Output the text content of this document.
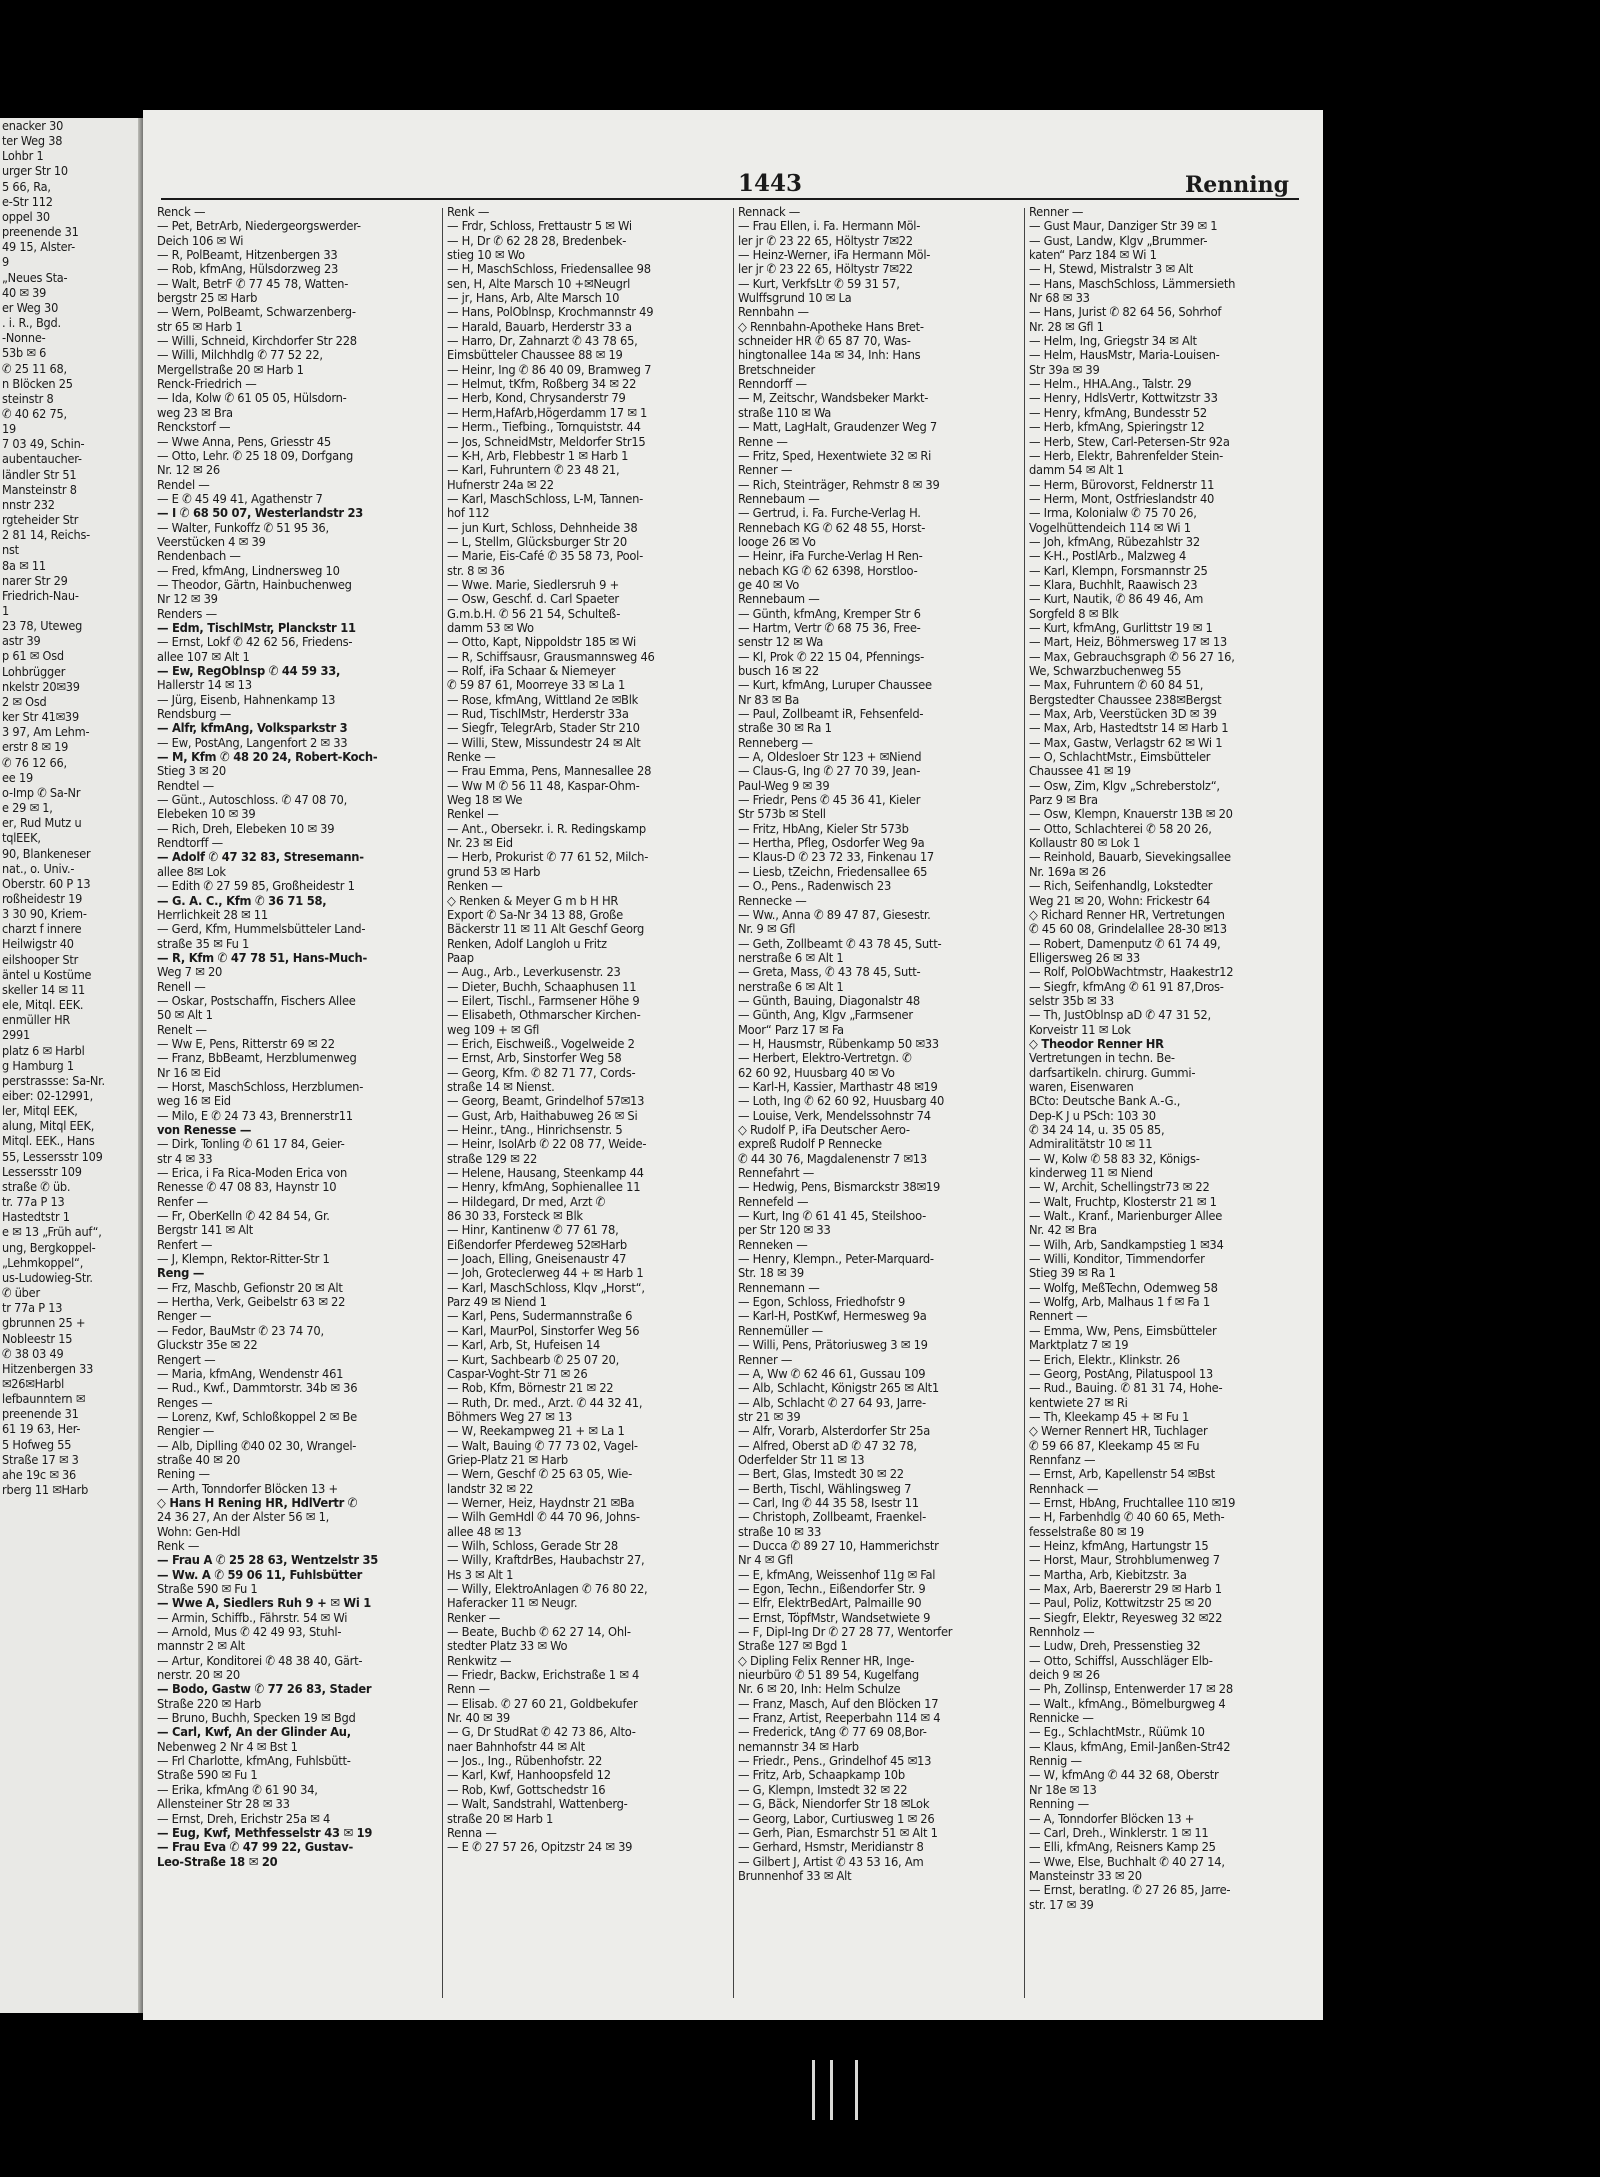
enacker 30
ter Weg 38
Lohbr 1
urger Str 10
5 66, Ra,
e-Str 112
oppel 30
preenende 31
49 15, Alster-
9
„Neues Sta-
40 ✉ 39
er Weg 30
. i. R., Bgd.
-Nonne-
53b ✉ 6
✆ 25 11 68,
n Blöcken 25
steinstr 8
✆ 40 62 75,
19
7 03 49, Schin-
aubentaucher-
ländler Str 51
Mansteinstr 8
nnstr 232
rgteheider Str
2 81 14, Reichs-
nst
8a ✉ 11
narer Str 29
Friedrich-Nau-
1
23 78, Uteweg
astr 39
p 61 ✉ Osd
Lohbrügger
nkelstr 20✉39
2 ✉ Osd
ker Str 41✉39
3 97, Am Lehm-
erstr 8 ✉ 19
✆ 76 12 66,
ee 19
o-Imp ✆ Sa-Nr
e 29 ✉ 1,
er, Rud Mutz u
tqlEEK,
90, Blankeneser
nat., o. Univ.-
Oberstr. 60 P 13
roßheidestr 19
3 30 90, Kriem-
charzt f innere
Heilwigstr 40
eilshooper Str
äntel u Kostüme
skeller 14 ✉ 11
ele, Mitql. EEK.
enmüller HR
2991
platz 6 ✉ Harbl
g Hamburg 1
perstrassse: Sa-Nr.
eiber: 02-12991,
ler, Mitql EEK,
alung, Mitql EEK,
Mitql. EEK., Hans
55, Lessersstr 109
Lessersstr 109
straße ✆ üb.
tr. 77a P 13
Hastedtstr 1
e ✉ 13 „Früh auf“,
ung, Bergkoppel-
„Lehmkoppel“,
us-Ludowieg-Str.
✆ über
tr 77a P 13
gbrunnen 25 +
Nobleestr 15
✆ 38 03 49
Hitzenbergen 33
✉26✉Harbl
lefbaunntern ✉
preenende 31
61 19 63, Her-
5 Hofweg 55
Straße 17 ✉ 3
ahe 19c ✉ 36
rberg 11 ✉Harb
1443	Renning
Renck —
— Pet, BetrArb, Niedergeorgswerder-
Deich 106 ✉ Wi
— R, PolBeamt, Hitzenbergen 33
— Rob, kfmAng, Hülsdorzweg 23
— Walt, BetrF ✆ 77 45 78, Watten-
bergstr 25 ✉ Harb
— Wern, PolBeamt, Schwarzenberg-
str 65 ✉ Harb 1
— Willi, Schneid, Kirchdorfer Str 228
— Willi, Milchhdlg ✆ 77 52 22,
Mergellstraße 20 ✉ Harb 1
Renck-Friedrich —
— Ida, Kolw ✆ 61 05 05, Hülsdorn-
weg 23 ✉ Bra
Renckstorf —
— Wwe Anna, Pens, Griesstr 45
— Otto, Lehr. ✆ 25 18 09, Dorfgang
Nr. 12 ✉ 26
Rendel —
— E ✆ 45 49 41, Agathenstr 7
— I ✆ 68 50 07, Westerlandstr 23
— Walter, Funkoffz ✆ 51 95 36,
Veerstücken 4 ✉ 39
Rendenbach —
— Fred, kfmAng, Lindnersweg 10
— Theodor, Gärtn, Hainbuchenweg
Nr 12 ✉ 39
Renders —
— Edm, TischlMstr, Planckstr 11
— Ernst, Lokf ✆ 42 62 56, Friedens-
allee 107 ✉ Alt 1
— Ew, RegOblnsp ✆ 44 59 33,
Hallerstr 14 ✉ 13
— Jürg, Eisenb, Hahnenkamp 13
Rendsburg —
— Alfr, kfmAng, Volksparkstr 3
— Ew, PostAng, Langenfort 2 ✉ 33
— M, Kfm ✆ 48 20 24, Robert-Koch-
Stieg 3 ✉ 20
Rendtel —
— Günt., Autoschloss. ✆ 47 08 70,
Elebeken 10 ✉ 39
— Rich, Dreh, Elebeken 10 ✉ 39
Rendtorff —
— Adolf ✆ 47 32 83, Stresemann-
allee 8✉ Lok
— Edith ✆ 27 59 85, Großheidestr 1
— G. A. C., Kfm ✆ 36 71 58,
Herrlichkeit 28 ✉ 11
— Gerd, Kfm, Hummelsbütteler Land-
straße 35 ✉ Fu 1
— R, Kfm ✆ 47 78 51, Hans-Much-
Weg 7 ✉ 20
Renell —
— Oskar, Postschaffn, Fischers Allee
50 ✉ Alt 1
Renelt —
— Ww E, Pens, Ritterstr 69 ✉ 22
— Franz, BbBeamt, Herzblumenweg
Nr 16 ✉ Eid
— Horst, MaschSchloss, Herzblumen-
weg 16 ✉ Eid
— Milo, E ✆ 24 73 43, Brennerstr11
von Renesse —
— Dirk, Tonling ✆ 61 17 84, Geier-
str 4 ✉ 33
— Erica, i Fa Rica-Moden Erica von
Renesse ✆ 47 08 83, Haynstr 10
Renfer —
— Fr, OberKelln ✆ 42 84 54, Gr.
Bergstr 141 ✉ Alt
Renfert —
— J, Klempn, Rektor-Ritter-Str 1
Reng —
— Frz, Maschb, Gefionstr 20 ✉ Alt
— Hertha, Verk, Geibelstr 63 ✉ 22
Renger —
— Fedor, BauMstr ✆ 23 74 70,
Gluckstr 35e ✉ 22
Rengert —
— Maria, kfmAng, Wendenstr 461
— Rud., Kwf., Dammtorstr. 34b ✉ 36
Renges —
— Lorenz, Kwf, Schloßkoppel 2 ✉ Be
Rengier —
— Alb, Diplling ✆40 02 30, Wrangel-
straße 40 ✉ 20
Rening —
— Arth, Tonndorfer Blöcken 13 +
◇ Hans H Rening HR, HdlVertr ✆
24 36 27, An der Alster 56 ✉ 1,
Wohn: Gen-Hdl
Renk —
— Frau A ✆ 25 28 63, Wentzelstr 35
— Ww. A ✆ 59 06 11, Fuhlsbütter
Straße 590 ✉ Fu 1
— Wwe A, Siedlers Ruh 9 + ✉ Wi 1
— Armin, Schiffb., Fährstr. 54 ✉ Wi
— Arnold, Mus ✆ 42 49 93, Stuhl-
mannstr 2 ✉ Alt
— Artur, Konditorei ✆ 48 38 40, Gärt-
nerstr. 20 ✉ 20
— Bodo, Gastw ✆ 77 26 83, Stader
Straße 220 ✉ Harb
— Bruno, Buchh, Specken 19 ✉ Bgd
— Carl, Kwf, An der Glinder Au,
Nebenweg 2 Nr 4 ✉ Bst 1
— Frl Charlotte, kfmAng, Fuhlsbütt-
Straße 590 ✉ Fu 1
— Erika, kfmAng ✆ 61 90 34,
Allensteiner Str 28 ✉ 33
— Ernst, Dreh, Erichstr 25a ✉ 4
— Eug, Kwf, Methfesselstr 43 ✉ 19
— Frau Eva ✆ 47 99 22, Gustav-
Leo-Straße 18 ✉ 20
Renk —
— Frdr, Schloss, Frettaustr 5 ✉ Wi
— H, Dr ✆ 62 28 28, Bredenbek-
stieg 10 ✉ Wo
— H, MaschSchloss, Friedensallee 98
sen, H, Alte Marsch 10 +✉Neugrl
— jr, Hans, Arb, Alte Marsch 10
— Hans, PolOblnsp, Krochmannstr 49
— Harald, Bauarb, Herderstr 33 a
— Harro, Dr, Zahnarzt ✆ 43 78 65,
Eimsbütteler Chaussee 88 ✉ 19
— Heinr, Ing ✆ 86 40 09, Bramweg 7
— Helmut, tKfm, Roßberg 34 ✉ 22
— Herb, Kond, Chrysanderstr 79
— Herm,HafArb,Högerdamm 17 ✉ 1
— Herm., Tiefbing., Tornquiststr. 44
— Jos, SchneidMstr, Meldorfer Str15
— K-H, Arb, Flebbestr 1 ✉ Harb 1
— Karl, Fuhruntern ✆ 23 48 21,
Hufnerstr 24a ✉ 22
— Karl, MaschSchloss, L-M, Tannen-
hof 112
— jun Kurt, Schloss, Dehnheide 38
— L, Stellm, Glücksburger Str 20
— Marie, Eis-Café ✆ 35 58 73, Pool-
str. 8 ✉ 36
— Wwe. Marie, Siedlersruh 9 +
— Osw, Geschf. d. Carl Spaeter
G.m.b.H. ✆ 56 21 54, Schulteß-
damm 53 ✉ Wo
— Otto, Kapt, Nippoldstr 185 ✉ Wi
— R, Schiffsausr, Grausmannsweg 46
— Rolf, iFa Schaar & Niemeyer
✆ 59 87 61, Moorreye 33 ✉ La 1
— Rose, kfmAng, Wittland 2e ✉Blk
— Rud, TischlMstr, Herderstr 33a
— Siegfr, TelegrArb, Stader Str 210
— Willi, Stew, Missundestr 24 ✉ Alt
Renke —
— Frau Emma, Pens, Mannesallee 28
— Ww M ✆ 56 11 48, Kaspar-Ohm-
Weg 18 ✉ We
Renkel —
— Ant., Obersekr. i. R. Redingskamp
Nr. 23 ✉ Eid
— Herb, Prokurist ✆ 77 61 52, Milch-
grund 53 ✉ Harb
Renken —
◇ Renken & Meyer G m b H HR
Export ✆ Sa-Nr 34 13 88, Große
Bäckerstr 11 ✉ 11 Alt Geschf Georg
Renken, Adolf Langloh u Fritz
Paap
— Aug., Arb., Leverkusenstr. 23
— Dieter, Buchh, Schaaphusen 11
— Eilert, Tischl., Farmsener Höhe 9
— Elisabeth, Othmarscher Kirchen-
weg 109 + ✉ Gfl
— Erich, Eischweiß., Vogelweide 2
— Ernst, Arb, Sinstorfer Weg 58
— Georg, Kfm. ✆ 82 71 77, Cords-
straße 14 ✉ Nienst.
— Georg, Beamt, Grindelhof 57✉13
— Gust, Arb, Haithabuweg 26 ✉ Si
— Heinr., tAng., Hinrichsenstr. 5
— Heinr, IsolArb ✆ 22 08 77, Weide-
straße 129 ✉ 22
— Helene, Hausang, Steenkamp 44
— Henry, kfmAng, Sophienallee 11
— Hildegard, Dr med, Arzt ✆
86 30 33, Forsteck ✉ Blk
— Hinr, Kantinenw ✆ 77 61 78,
Eißendorfer Pferdeweg 52✉Harb
— Joach, Elling, Gneisenaustr 47
— Joh, Groteclerweg 44 + ✉ Harb 1
— Karl, MaschSchloss, Klqv „Horst“,
Parz 49 ✉ Niend 1
— Karl, Pens, Sudermannstraße 6
— Karl, MaurPol, Sinstorfer Weg 56
— Karl, Arb, St, Hufeisen 14
— Kurt, Sachbearb ✆ 25 07 20,
Caspar-Voght-Str 71 ✉ 26
— Rob, Kfm, Börnestr 21 ✉ 22
— Ruth, Dr. med., Arzt. ✆ 44 32 41,
Böhmers Weg 27 ✉ 13
— W, Reekampweg 21 + ✉ La 1
— Walt, Bauing ✆ 77 73 02, Vagel-
Griep-Platz 21 ✉ Harb
— Wern, Geschf ✆ 25 63 05, Wie-
landstr 32 ✉ 22
— Werner, Heiz, Haydnstr 21 ✉Ba
— Wilh GemHdl ✆ 44 70 96, Johns-
allee 48 ✉ 13
— Wilh, Schloss, Gerade Str 28
— Willy, KraftdrBes, Haubachstr 27,
Hs 3 ✉ Alt 1
— Willy, ElektroAnlagen ✆ 76 80 22,
Haferacker 11 ✉ Neugr.
Renker —
— Beate, Buchb ✆ 62 27 14, Ohl-
stedter Platz 33 ✉ Wo
Renkwitz —
— Friedr, Backw, Erichstraße 1 ✉ 4
Renn —
— Elisab. ✆ 27 60 21, Goldbekufer
Nr. 40 ✉ 39
— G, Dr StudRat ✆ 42 73 86, Alto-
naer Bahnhofstr 44 ✉ Alt
— Jos., Ing., Rübenhofstr. 22
— Karl, Kwf, Hanhoopsfeld 12
— Rob, Kwf, Gottschedstr 16
— Walt, Sandstrahl, Wattenberg-
straße 20 ✉ Harb 1
Renna —
— E ✆ 27 57 26, Opitzstr 24 ✉ 39
Rennack —
— Frau Ellen, i. Fa. Hermann Möl-
ler jr ✆ 23 22 65, Höltystr 7✉22
— Heinz-Werner, iFa Hermann Möl-
ler jr ✆ 23 22 65, Höltystr 7✉22
— Kurt, VerkfsLtr ✆ 59 31 57,
Wulffsgrund 10 ✉ La
Rennbahn —
◇ Rennbahn-Apotheke Hans Bret-
schneider HR ✆ 65 87 70, Was-
hingtonallee 14a ✉ 34, Inh: Hans
Bretschneider
Renndorff —
— M, Zeitschr, Wandsbeker Markt-
straße 110 ✉ Wa
— Matt, LagHalt, Graudenzer Weg 7
Renne —
— Fritz, Sped, Hexentwiete 32 ✉ Ri
Renner —
— Rich, Steinträger, Rehmstr 8 ✉ 39
Rennebaum —
— Gertrud, i. Fa. Furche-Verlag H.
Rennebach KG ✆ 62 48 55, Horst-
looge 26 ✉ Vo
— Heinr, iFa Furche-Verlag H Ren-
nebach KG ✆ 62 6398, Horstloo-
ge 40 ✉ Vo
Rennebaum —
— Günth, kfmAng, Kremper Str 6
— Hartm, Vertr ✆ 68 75 36, Free-
senstr 12 ✉ Wa
— Kl, Prok ✆ 22 15 04, Pfennings-
busch 16 ✉ 22
— Kurt, kfmAng, Luruper Chaussee
Nr 83 ✉ Ba
— Paul, Zollbeamt iR, Fehsenfeld-
straße 30 ✉ Ra 1
Renneberg —
— A, Oldesloer Str 123 + ✉Niend
— Claus-G, Ing ✆ 27 70 39, Jean-
Paul-Weg 9 ✉ 39
— Friedr, Pens ✆ 45 36 41, Kieler
Str 573b ✉ Stell
— Fritz, HbAng, Kieler Str 573b
— Hertha, Pfleg, Osdorfer Weg 9a
— Klaus-D ✆ 23 72 33, Finkenau 17
— Liesb, tZeichn, Friedensallee 65
— O., Pens., Radenwisch 23
Rennecke —
— Ww., Anna ✆ 89 47 87, Giesestr.
Nr. 9 ✉ Gfl
— Geth, Zollbeamt ✆ 43 78 45, Sutt-
nerstraße 6 ✉ Alt 1
— Greta, Mass, ✆ 43 78 45, Sutt-
nerstraße 6 ✉ Alt 1
— Günth, Bauing, Diagonalstr 48
— Günth, Ang, Klgv „Farmsener
Moor“ Parz 17 ✉ Fa
— H, Hausmstr, Rübenkamp 50 ✉33
— Herbert, Elektro-Vertretgn. ✆
62 60 92, Huusbarg 40 ✉ Vo
— Karl-H, Kassier, Marthastr 48 ✉19
— Loth, Ing ✆ 62 60 92, Huusbarg 40
— Louise, Verk, Mendelssohnstr 74
◇ Rudolf P, iFa Deutscher Aero-
expreß Rudolf P Rennecke
✆ 44 30 76, Magdalenenstr 7 ✉13
Rennefahrt —
— Hedwig, Pens, Bismarckstr 38✉19
Rennefeld —
— Kurt, Ing ✆ 61 41 45, Steilshoo-
per Str 120 ✉ 33
Renneken —
— Henry, Klempn., Peter-Marquard-
Str. 18 ✉ 39
Rennemann —
— Egon, Schloss, Friedhofstr 9
— Karl-H, PostKwf, Hermesweg 9a
Rennemüller —
— Willi, Pens, Prätoriusweg 3 ✉ 19
Renner —
— A, Ww ✆ 62 46 61, Gussau 109
— Alb, Schlacht, Königstr 265 ✉ Alt1
— Alb, Schlacht ✆ 27 64 93, Jarre-
str 21 ✉ 39
— Alfr, Vorarb, Alsterdorfer Str 25a
— Alfred, Oberst aD ✆ 47 32 78,
Oderfelder Str 11 ✉ 13
— Bert, Glas, Imstedt 30 ✉ 22
— Berth, Tischl, Wählingsweg 7
— Carl, Ing ✆ 44 35 58, Isestr 11
— Christoph, Zollbeamt, Fraenkel-
straße 10 ✉ 33
— Ducca ✆ 89 27 10, Hammerichstr
Nr 4 ✉ Gfl
— E, kfmAng, Weissenhof 11g ✉ Fal
— Egon, Techn., Eißendorfer Str. 9
— Elfr, ElektrBedArt, Palmaille 90
— Ernst, TöpfMstr, Wandsetwiete 9
— F, Dipl-Ing Dr ✆ 27 28 77, Wentorfer
Straße 127 ✉ Bgd 1
◇ Dipling Felix Renner HR, Inge-
nieurbüro ✆ 51 89 54, Kugelfang
Nr. 6 ✉ 20, Inh: Helm Schulze
— Franz, Masch, Auf den Blöcken 17
— Franz, Artist, Reeperbahn 114 ✉ 4
— Frederick, tAng ✆ 77 69 08,Bor-
nemannstr 34 ✉ Harb
— Friedr., Pens., Grindelhof 45 ✉13
— Fritz, Arb, Schaapkamp 10b
— G, Klempn, Imstedt 32 ✉ 22
— G, Bäck, Niendorfer Str 18 ✉Lok
— Georg, Labor, Curtiusweg 1 ✉ 26
— Gerh, Pian, Esmarchstr 51 ✉ Alt 1
— Gerhard, Hsmstr, Meridianstr 8
— Gilbert J, Artist ✆ 43 53 16, Am
Brunnenhof 33 ✉ Alt
Renner —
— Gust Maur, Danziger Str 39 ✉ 1
— Gust, Landw, Klgv „Brummer-
katen“ Parz 184 ✉ Wi 1
— H, Stewd, Mistralstr 3 ✉ Alt
— Hans, MaschSchloss, Lämmersieth
Nr 68 ✉ 33
— Hans, Jurist ✆ 82 64 56, Sohrhof
Nr. 28 ✉ Gfl 1
— Helm, Ing, Griegstr 34 ✉ Alt
— Helm, HausMstr, Maria-Louisen-
Str 39a ✉ 39
— Helm., HHA.Ang., Talstr. 29
— Henry, HdlsVertr, Kottwitzstr 33
— Henry, kfmAng, Bundesstr 52
— Herb, kfmAng, Spieringstr 12
— Herb, Stew, Carl-Petersen-Str 92a
— Herb, Elektr, Bahrenfelder Stein-
damm 54 ✉ Alt 1
— Herm, Bürovorst, Feldnerstr 11
— Herm, Mont, Ostfrieslandstr 40
— Irma, Kolonialw ✆ 75 70 26,
Vogelhüttendeich 114 ✉ Wi 1
— Joh, kfmAng, Rübezahlstr 32
— K-H., PostlArb., Malzweg 4
— Karl, Klempn, Forsmannstr 25
— Klara, Buchhlt, Raawisch 23
— Kurt, Nautik, ✆ 86 49 46, Am
Sorgfeld 8 ✉ Blk
— Kurt, kfmAng, Gurlittstr 19 ✉ 1
— Mart, Heiz, Böhmersweg 17 ✉ 13
— Max, Gebrauchsgraph ✆ 56 27 16,
We, Schwarzbuchenweg 55
— Max, Fuhruntern ✆ 60 84 51,
Bergstedter Chaussee 238✉Bergst
— Max, Arb, Veerstücken 3D ✉ 39
— Max, Arb, Hastedtstr 14 ✉ Harb 1
— Max, Gastw, Verlagstr 62 ✉ Wi 1
— O, SchlachtMstr., Eimsbütteler
Chaussee 41 ✉ 19
— Osw, Zim, Klgv „Schreberstolz“,
Parz 9 ✉ Bra
— Osw, Klempn, Knauerstr 13B ✉ 20
— Otto, Schlachterei ✆ 58 20 26,
Kollaustr 80 ✉ Lok 1
— Reinhold, Bauarb, Sievekingsallee
Nr. 169a ✉ 26
— Rich, Seifenhandlg, Lokstedter
Weg 21 ✉ 20, Wohn: Frickestr 64
◇ Richard Renner HR, Vertretungen
✆ 45 60 08, Grindelallee 28-30 ✉13
— Robert, Damenputz ✆ 61 74 49,
Elligersweg 26 ✉ 33
— Rolf, PolObWachtmstr, Haakestr12
— Siegfr, kfmAng ✆ 61 91 87,Dros-
selstr 35b ✉ 33
— Th, JustOblnsp aD ✆ 47 31 52,
Korveistr 11 ✉ Lok
◇ Theodor Renner HR
Vertretungen in techn. Be-
darfsartikeln. chirurg. Gummi-
waren, Eisenwaren
BCto: Deutsche Bank A.-G.,
Dep-K J u PSch: 103 30
✆ 34 24 14, u. 35 05 85,
Admiralitätstr 10 ✉ 11
— W, Kolw ✆ 58 83 32, Königs-
kinderweg 11 ✉ Niend
— W, Archit, Schellingstr73 ✉ 22
— Walt, Fruchtp, Klosterstr 21 ✉ 1
— Walt., Kranf., Marienburger Allee
Nr. 42 ✉ Bra
— Wilh, Arb, Sandkampstieg 1 ✉34
— Willi, Konditor, Timmendorfer
Stieg 39 ✉ Ra 1
— Wolfg, MeßTechn, Odemweg 58
— Wolfg, Arb, Malhaus 1 f ✉ Fa 1
Rennert —
— Emma, Ww, Pens, Eimsbütteler
Marktplatz 7 ✉ 19
— Erich, Elektr., Klinkstr. 26
— Georg, PostAng, Pilatuspool 13
— Rud., Bauing. ✆ 81 31 74, Hohe-
kentwiete 27 ✉ Ri
— Th, Kleekamp 45 + ✉ Fu 1
◇ Werner Rennert HR, Tuchlager
✆ 59 66 87, Kleekamp 45 ✉ Fu
Rennfanz —
— Ernst, Arb, Kapellenstr 54 ✉Bst
Rennhack —
— Ernst, HbAng, Fruchtallee 110 ✉19
— H, Farbenhdlg ✆ 40 60 65, Meth-
fesselstraße 80 ✉ 19
— Heinz, kfmAng, Hartungstr 15
— Horst, Maur, Strohblumenweg 7
— Martha, Arb, Kiebitzstr. 3a
— Max, Arb, Baererstr 29 ✉ Harb 1
— Paul, Poliz, Kottwitzstr 25 ✉ 20
— Siegfr, Elektr, Reyesweg 32 ✉22
Rennholz —
— Ludw, Dreh, Pressenstieg 32
— Otto, Schiffsl, Ausschläger Elb-
deich 9 ✉ 26
— Ph, Zollinsp, Entenwerder 17 ✉ 28
— Walt., kfmAng., Bömelburgweg 4
Rennicke —
— Eg., SchlachtMstr., Rüümk 10
— Klaus, kfmAng, Emil-Janßen-Str42
Rennig —
— W, kfmAng ✆ 44 32 68, Oberstr
Nr 18e ✉ 13
Renning —
— A, Tonndorfer Blöcken 13 +
— Carl, Dreh., Winklerstr. 1 ✉ 11
— Elli, kfmAng, Reisners Kamp 25
— Wwe, Else, Buchhalt ✆ 40 27 14,
Mansteinstr 33 ✉ 20
— Ernst, beratIng. ✆ 27 26 85, Jarre-
str. 17 ✉ 39
